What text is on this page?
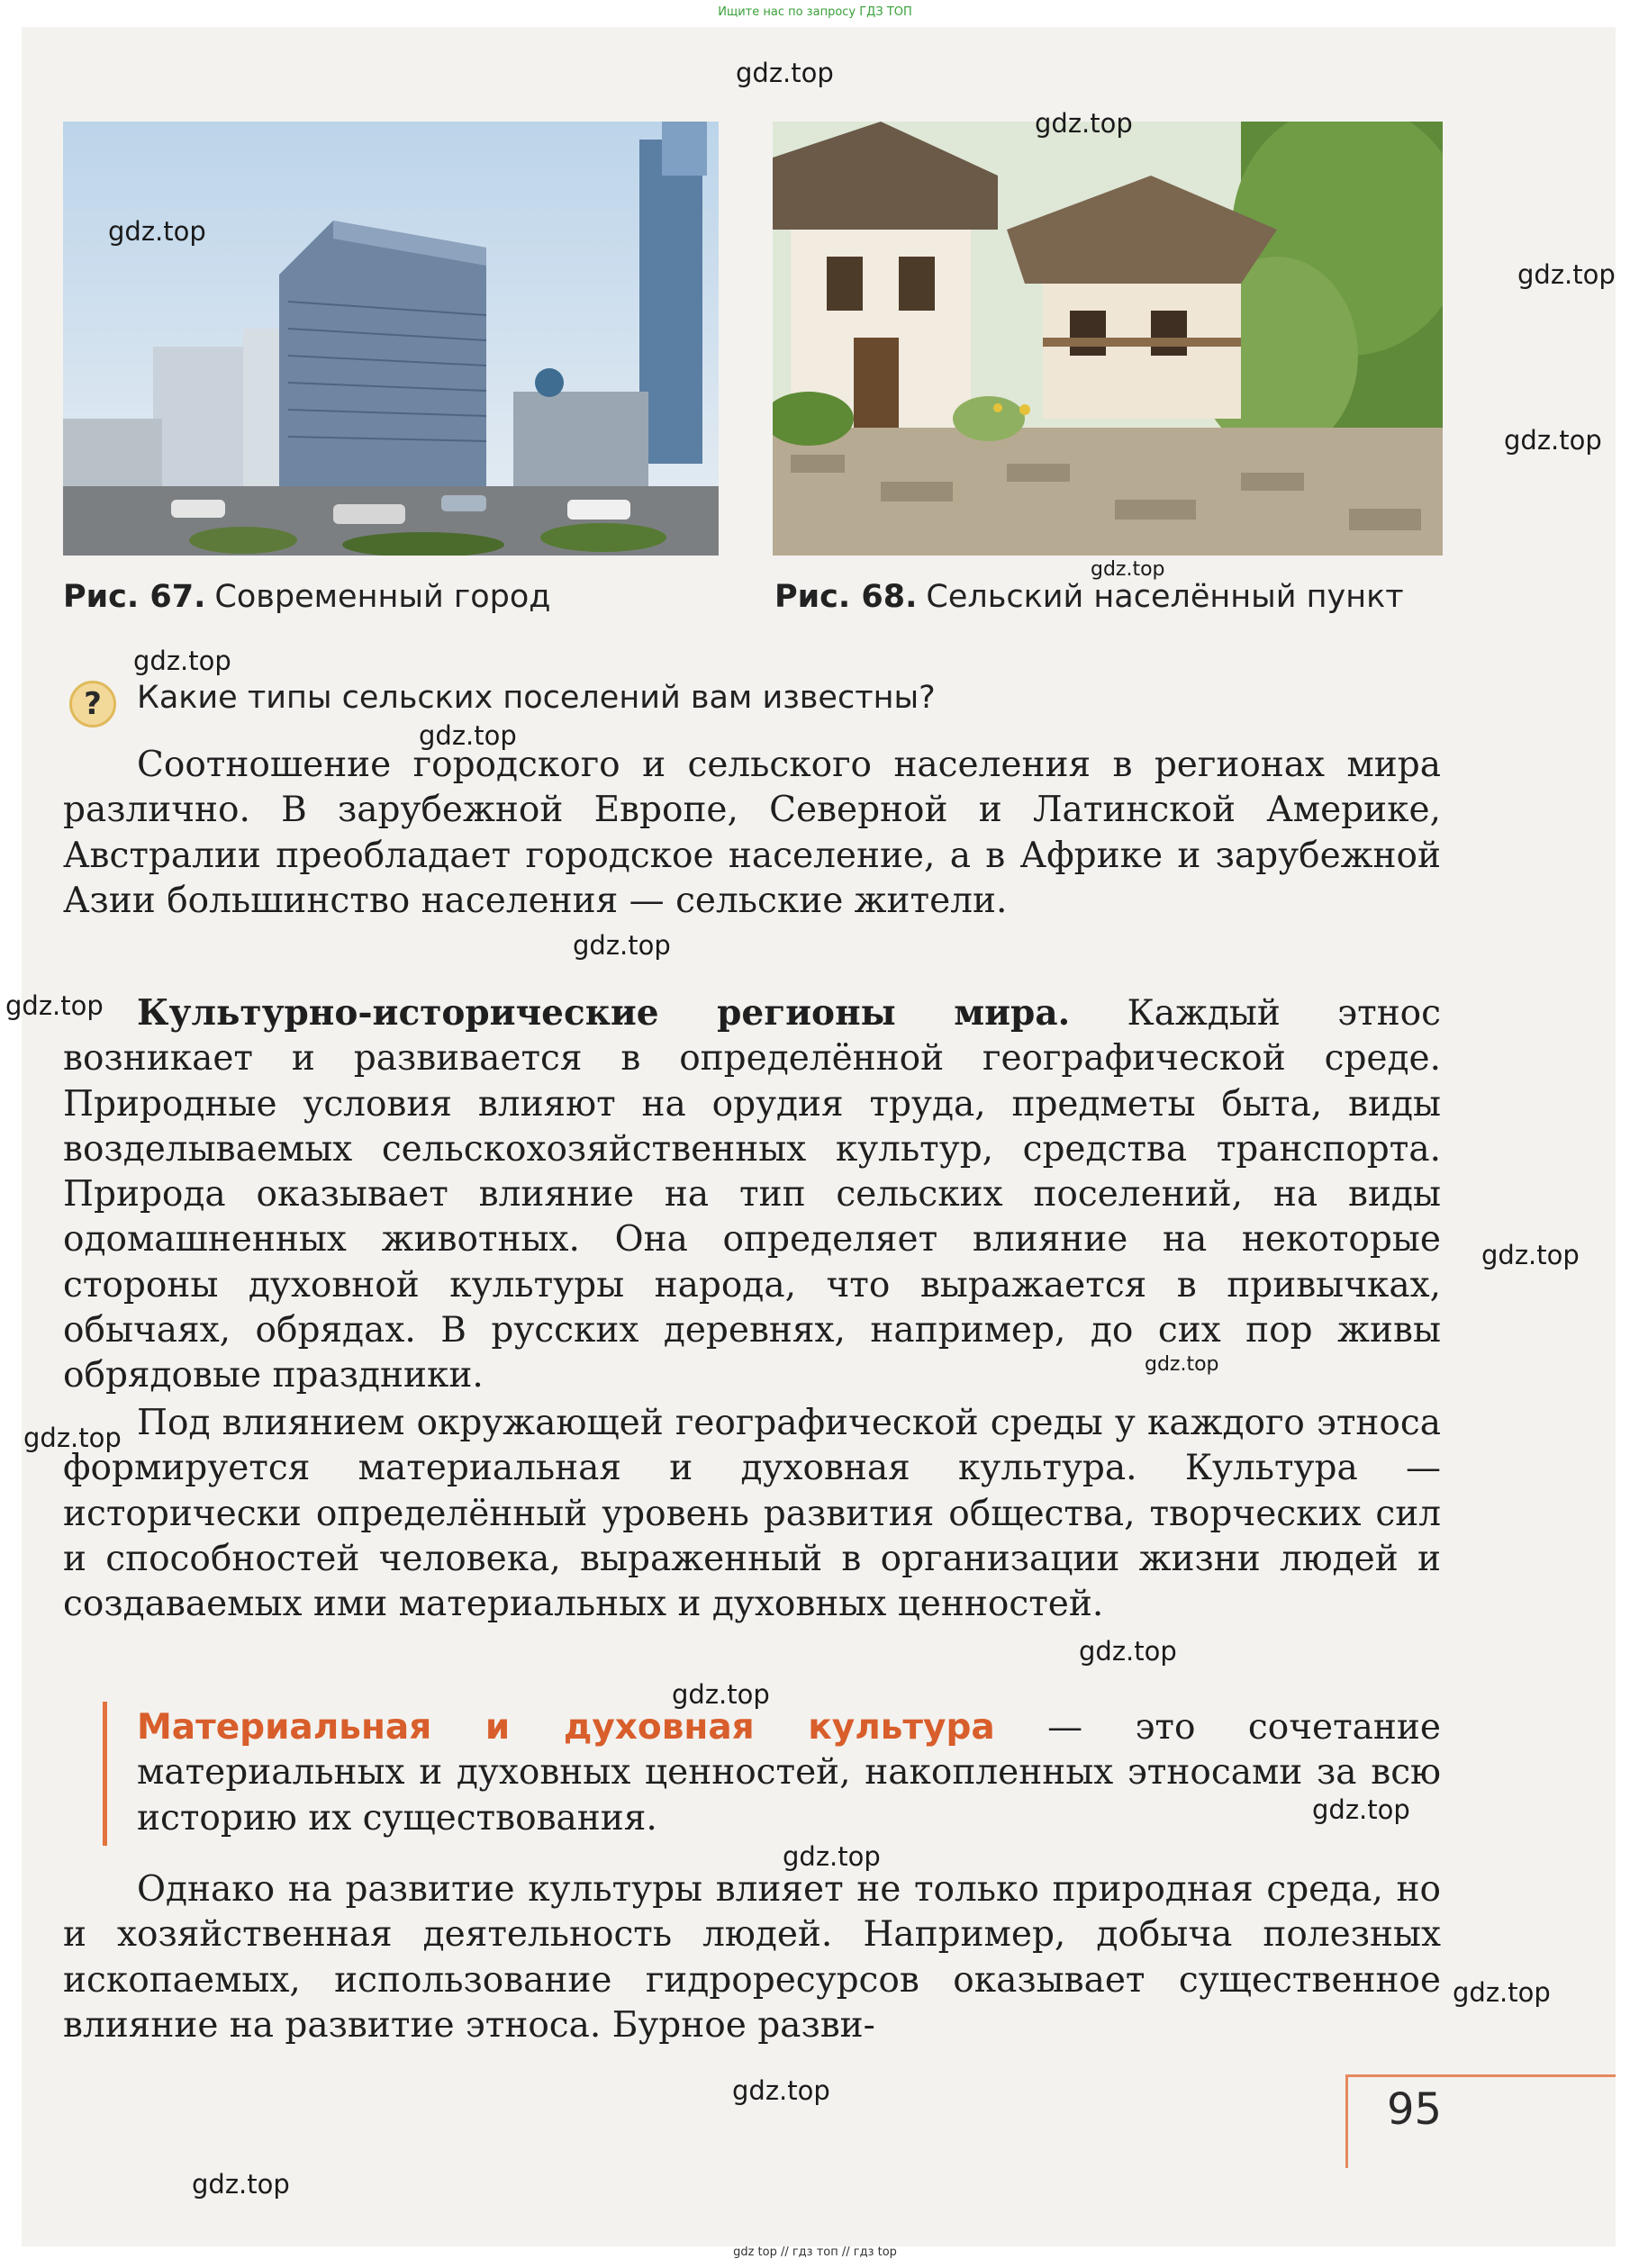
Ищите нас по запросу ГДЗ ТОП
Рис. 67. Современный город	Рис. 68. Сельский населённый пункт
?	Какие типы сельских поселений вам известны?

Соотношение городского и сельского населения в регионах мира различно. В зарубежной Европе, Северной и Латинской Америке, Австралии преобладает городское население, а в Африке и зарубежной Азии большинство населения — сельские жители.

Культурно-исторические регионы мира. Каждый этнос возникает и развивается в определённой географической среде. Природные условия влияют на орудия труда, предметы быта, виды возделываемых сельскохозяйственных культур, средства транспорта. Природа оказывает влияние на тип сельских поселений, на виды одомашненных животных. Она определяет влияние на некоторые стороны духовной культуры народа, что выражается в привычках, обычаях, обрядах. В русских деревнях, например, до сих пор живы обрядовые праздники.

Под влиянием окружающей географической среды у каждого этноса формируется материальная и духовная культура. Культура — исторически определённый уровень развития общества, творческих сил и способностей человека, выраженный в организации жизни людей и создаваемых ими материальных и духовных ценностей.

Материальная и духовная культура — это сочетание материальных и духовных ценностей, накопленных этносами за всю историю их существования.

Однако на развитие культуры влияет не только природная среда, но и хозяйственная деятельность людей. Например, добыча полезных ископаемых, использование гидроресурсов оказывает существенное влияние на развитие этноса. Бурное разви-

95
gdz.top
gdz.top
gdz.top
gdz.top
gdz.top
gdz.top
gdz.top
gdz.top
gdz.top
gdz.top
gdz.top
gdz.top
gdz.top
gdz.top
gdz.top
gdz.top
gdz.top
gdz.top
gdz.top
gdz.top
gdz top // гдз топ // гдз top
